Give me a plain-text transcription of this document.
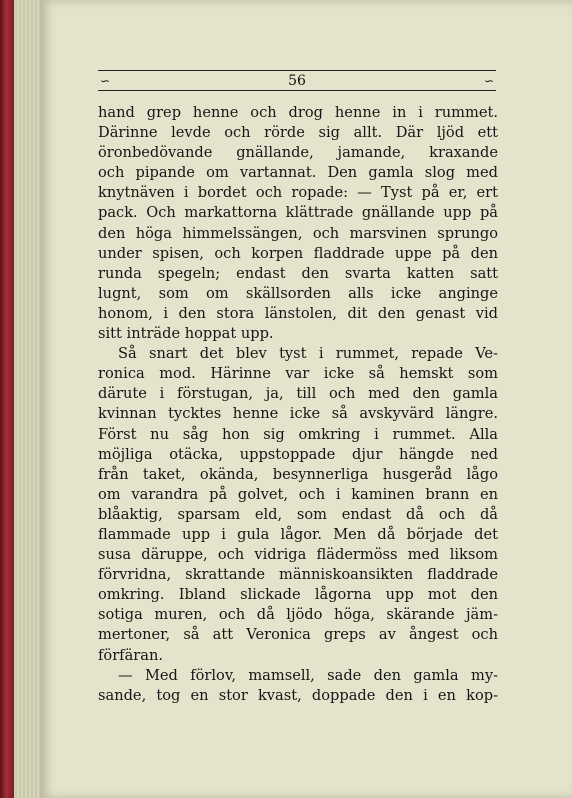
∽	56	∽
hand grep henne och drog henne in i rummet.
Därinne levde och rörde sig allt. Där ljöd ett
öronbedövande gnällande, jamande, kraxande
och pipande om vartannat. Den gamla slog med
knytnäven i bordet och ropade: — Tyst på er, ert
pack. Och markattorna klättrade gnällande upp på
den höga himmelssängen, och marsvinen sprungo
under spisen, och korpen fladdrade uppe på den
runda spegeln; endast den svarta katten satt
lugnt, som om skällsorden alls icke anginge
honom, i den stora länstolen, dit den genast vid
sitt inträde hoppat upp.
Så snart det blev tyst i rummet, repade Ve-
ronica mod. Härinne var icke så hemskt som
därute i förstugan, ja, till och med den gamla
kvinnan tycktes henne icke så avskyvärd längre.
Först nu såg hon sig omkring i rummet. Alla
möjliga otäcka, uppstoppade djur hängde ned
från taket, okända, besynnerliga husgeråd lågo
om varandra på golvet, och i kaminen brann en
blåaktig, sparsam eld, som endast då och då
flammade upp i gula lågor. Men då började det
susa däruppe, och vidriga flädermöss med liksom
förvridna, skrattande människoansikten fladdrade
omkring. Ibland slickade lågorna upp mot den
sotiga muren, och då ljödo höga, skärande jäm-
mertoner, så att Veronica greps av ångest och
förfäran.
— Med förlov, mamsell, sade den gamla my-
sande, tog en stor kvast, doppade den i en kop-
